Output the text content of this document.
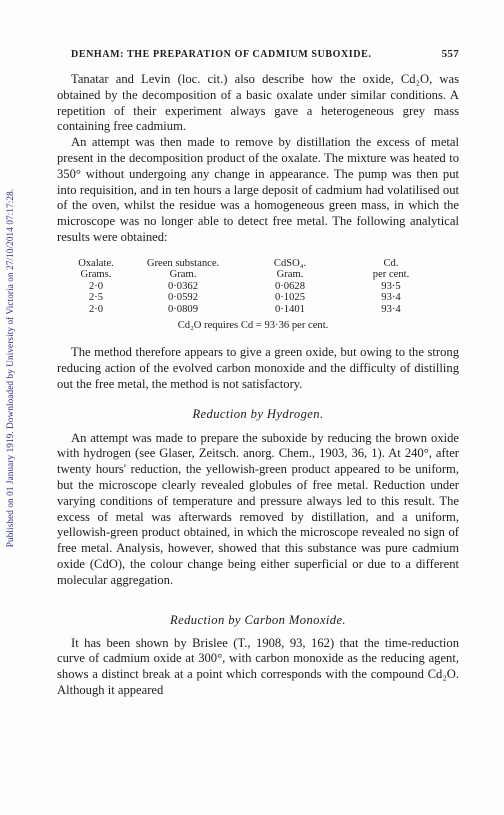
Published on 01 January 1919. Downloaded by University of Victoria on 27/10/2014 07:17:28.
DENHAM: THE PREPARATION OF CADMIUM SUBOXIDE.	557

Tanatar and Levin (loc. cit.) also describe how the oxide, Cd₂O, was obtained by the decomposition of a basic oxalate under similar conditions. A repetition of their experiment always gave a heterogeneous grey mass containing free cadmium.

An attempt was then made to remove by distillation the excess of metal present in the decomposition product of the oxalate. The mixture was heated to 350° without undergoing any change in appearance. The pump was then put into requisition, and in ten hours a large deposit of cadmium had volatilised out of the oven, whilst the residue was a homogeneous green mass, in which the microscope was no longer able to detect free metal. The following analytical results were obtained:

Oxalate.	Green substance.	CdSO₄.	Cd.
Grams.	Gram.	Gram.	per cent.
2·0	0·0362	0·0628	93·5
2·5	0·0592	0·1025	93·4
2·0	0·0809	0·1401	93·4
Cd₂O requires Cd = 93·36 per cent.

The method therefore appears to give a green oxide, but owing to the strong reducing action of the evolved carbon monoxide and the difficulty of distilling out the free metal, the method is not satisfactory.

Reduction by Hydrogen.

An attempt was made to prepare the suboxide by reducing the brown oxide with hydrogen (see Glaser, Zeitsch. anorg. Chem., 1903, 36, 1). At 240°, after twenty hours' reduction, the yellowish-green product appeared to be uniform, but the microscope clearly revealed globules of free metal. Reduction under varying conditions of temperature and pressure always led to this result. The excess of metal was afterwards removed by distillation, and a uniform, yellowish-green product obtained, in which the microscope revealed no sign of free metal. Analysis, however, showed that this substance was pure cadmium oxide (CdO), the colour change being either superficial or due to a different molecular aggregation.

Reduction by Carbon Monoxide.

It has been shown by Brislee (T., 1908, 93, 162) that the time-reduction curve of cadmium oxide at 300°, with carbon monoxide as the reducing agent, shows a distinct break at a point which corresponds with the compound Cd₂O. Although it appeared
